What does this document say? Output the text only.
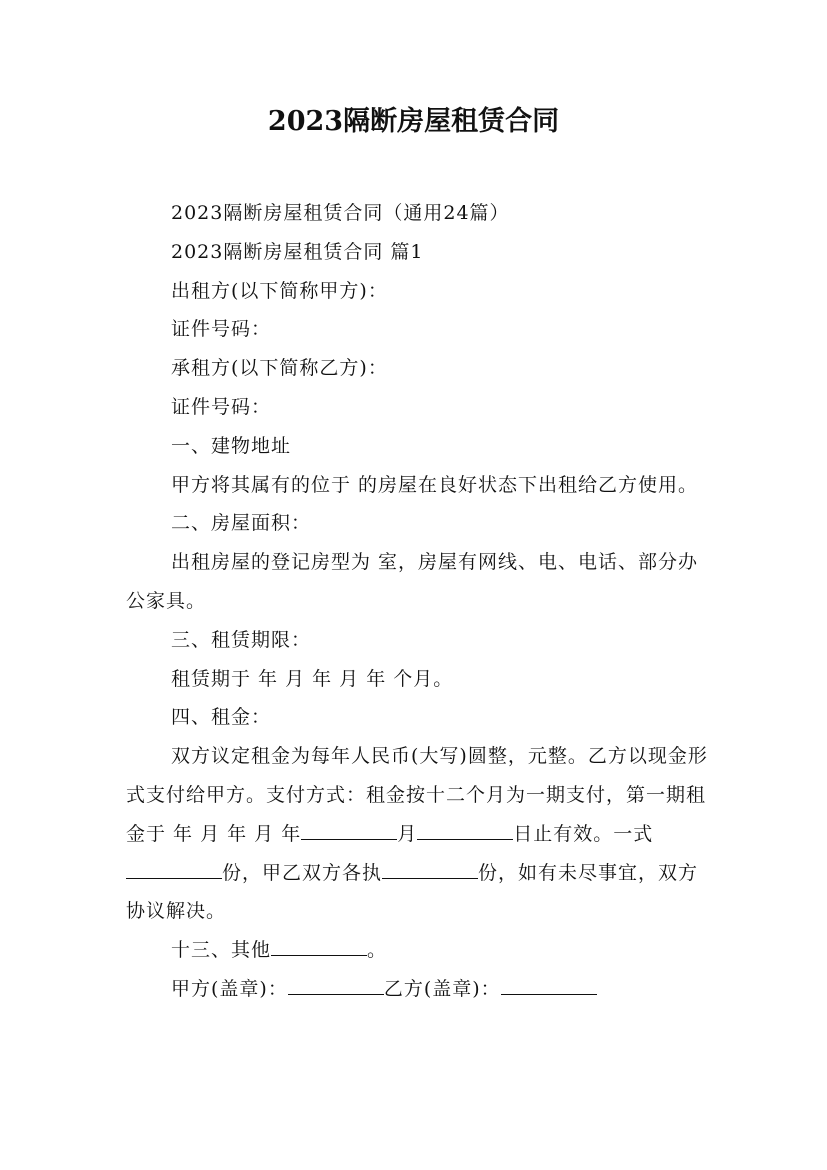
2023隔断房屋租赁合同

2023隔断房屋租赁合同（通用24篇）

2023隔断房屋租赁合同 篇1

出租方(以下简称甲方)：

证件号码：

承租方(以下简称乙方)：

证件号码：

一、建物地址

甲方将其属有的位于 的房屋在良好状态下出租给乙方使用。

二、房屋面积：

出租房屋的登记房型为 室，房屋有网线、电、电话、部分办公家具。

三、租赁期限：

租赁期于 年 月 年 月 年 个月。

四、租金：

双方议定租金为每年人民币(大写)圆整，元整。乙方以现金形式支付给甲方。支付方式：租金按十二个月为一期支付，第一期租金于 年 月 年 月 年	月	日止有效。一式份，甲乙双方各执	份，如有未尽事宜，双方协议解决。

十三、其他	。

甲方(盖章)：	乙方(盖章)：
